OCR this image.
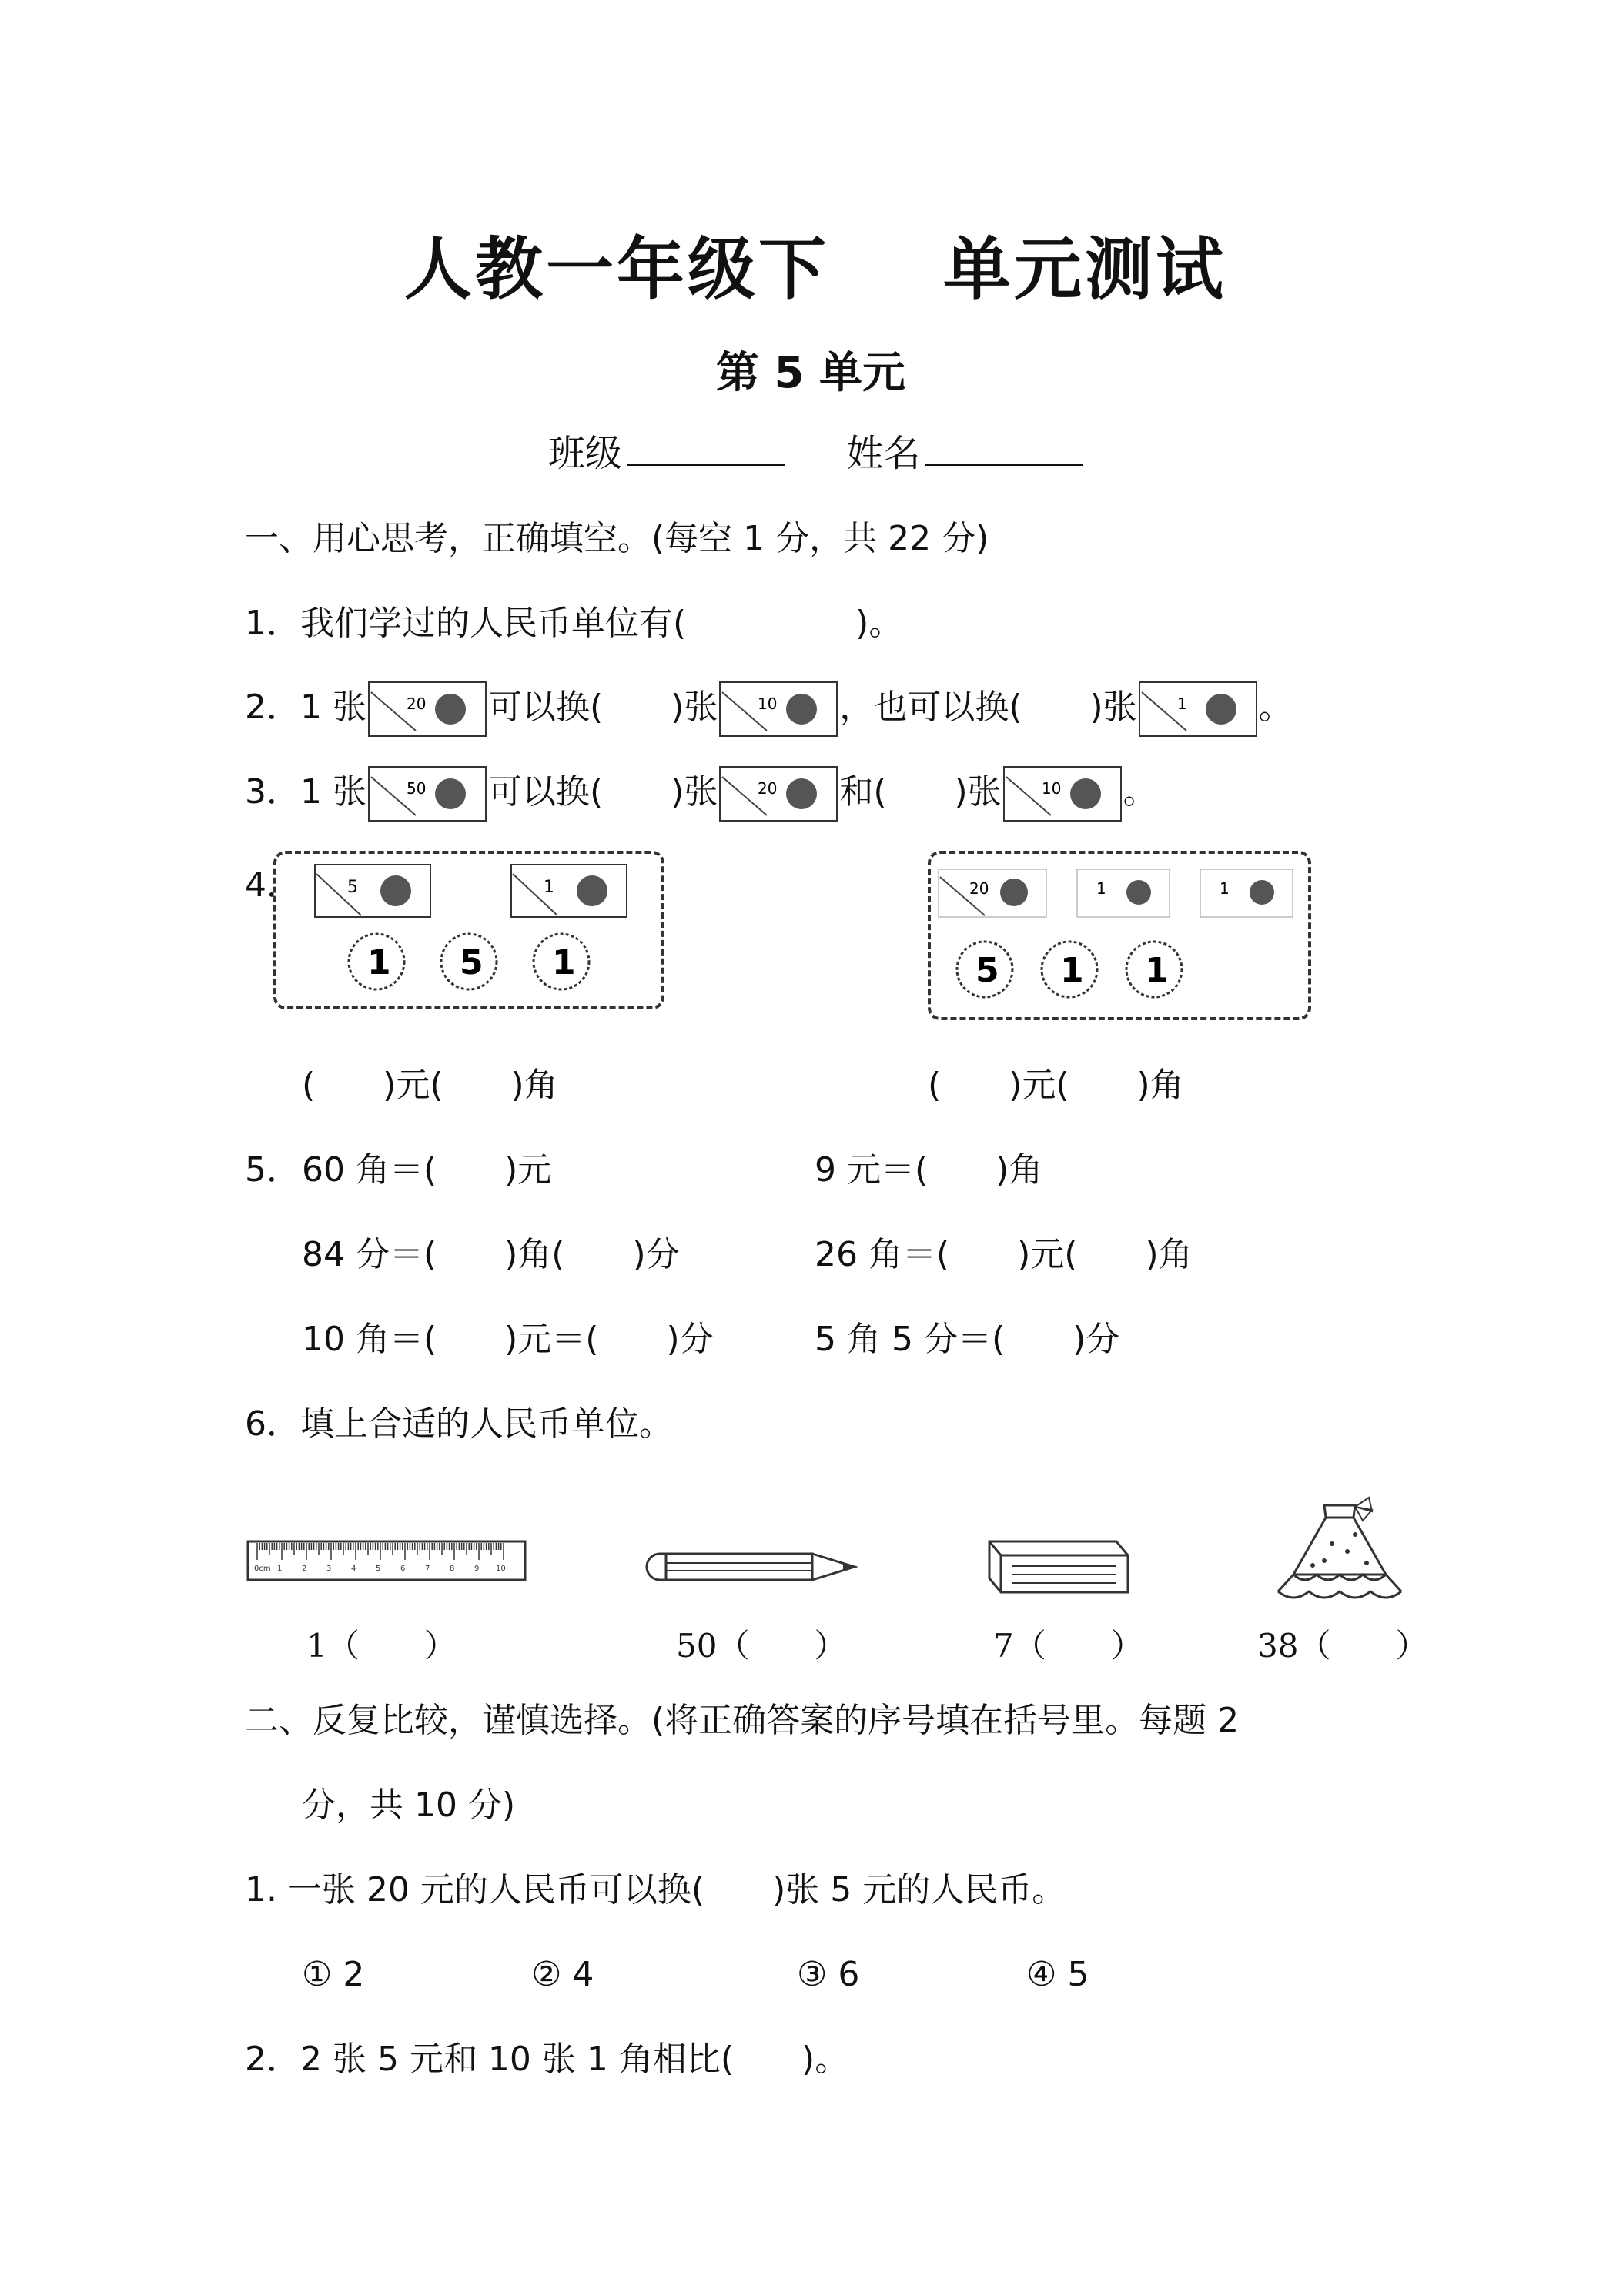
人教一年级下 单元测试
第 5 单元
班级	姓名
一、用心思考，正确填空。(每空 1 分，共 22 分)
1．我们学过的人民币单位有(　　　　　)。
2．1 张	20 可以换(　　)张	10 ，也可以换(　　)张	1 。
3．1 张	50 可以换(　　)张	20 和(　　)张	10 。
4．	5	1
1 5 1
20	1	1
5 1 1
(　　)元(　　)角	(　　)元(　　)角
5． 60 角＝(　　)元	9 元＝(　　)角
84 分＝(　　)角(　　)分	26 角＝(　　)元(　　)角
10 角＝(　　)元＝(　　)分	5 角 5 分＝(　　)分
6．填上合适的人民币单位。
0cm 1	2	3	4	5	6	7	8	9 10
1（　　）	50（　　）	7（　　）	38（　　）
二、反复比较，谨慎选择。(将正确答案的序号填在括号里。每题 2
分，共 10 分)
1. 一张 20 元的人民币可以换(　　)张 5 元的人民币。
① 2	② 4	③ 6	④ 5
2．2 张 5 元和 10 张 1 角相比(　　)。
